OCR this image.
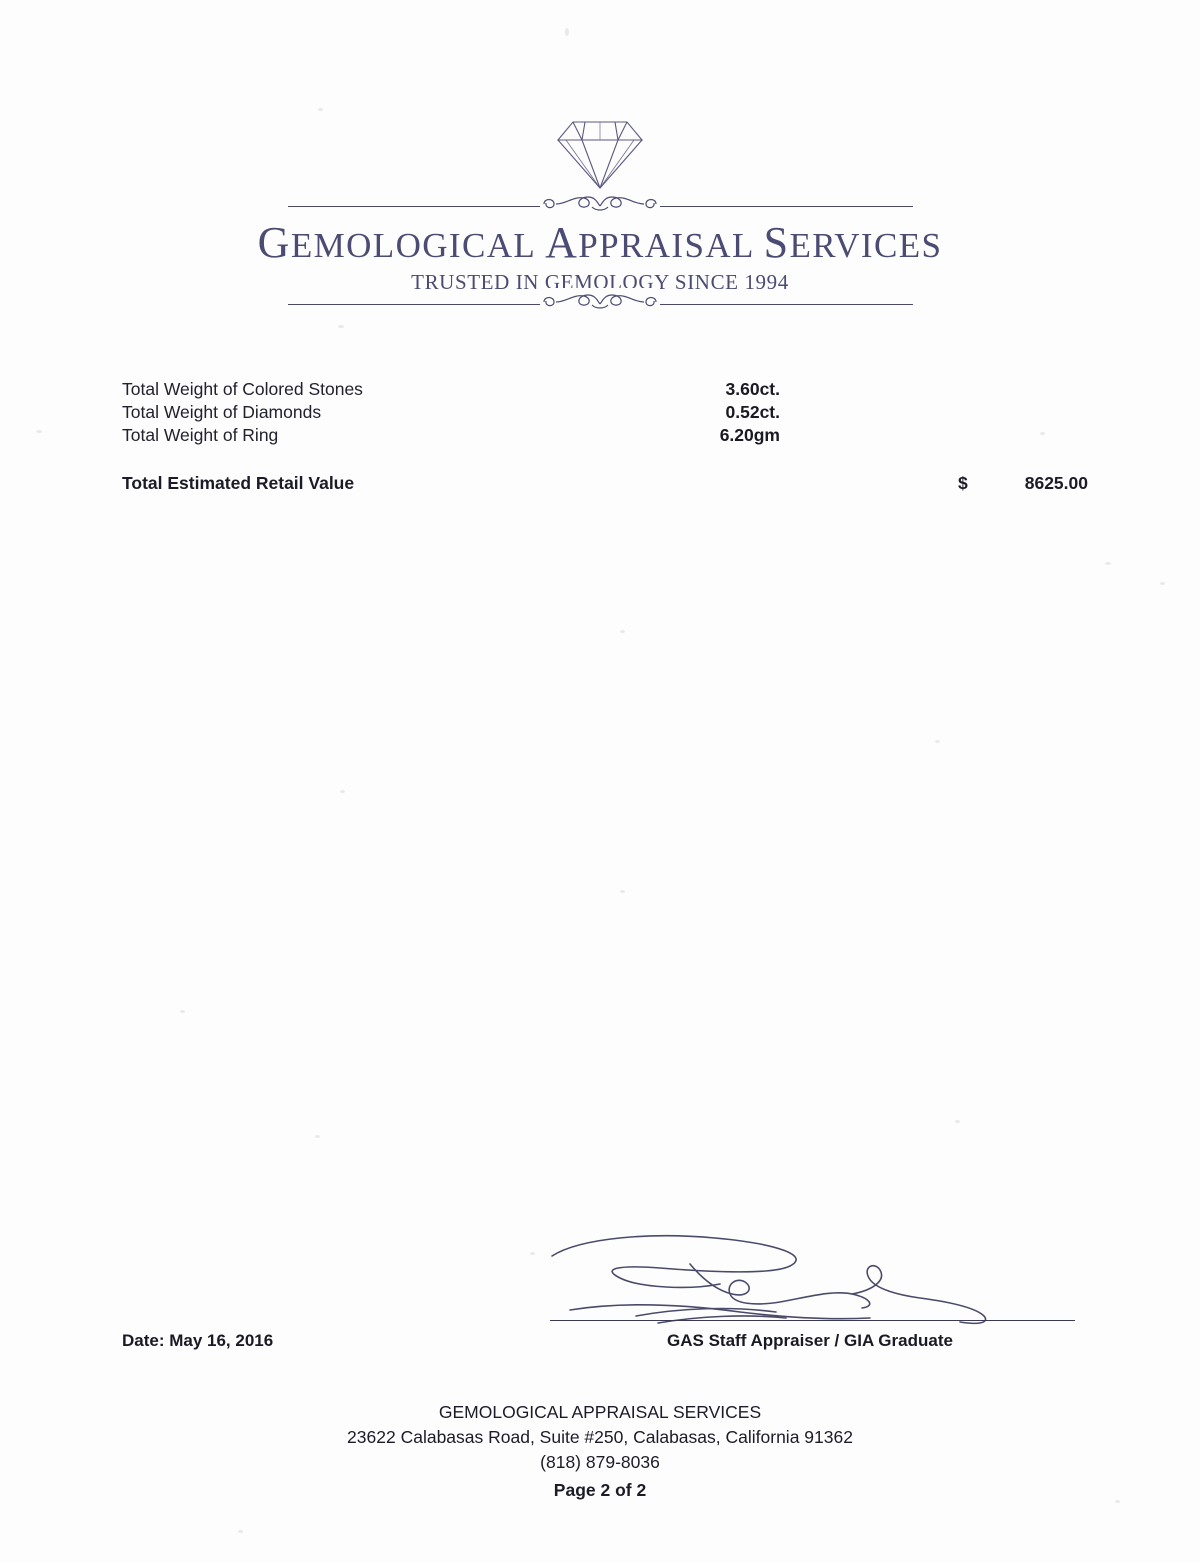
GEMOLOGICAL APPRAISAL SERVICES
TRUSTED IN GEMOLOGY SINCE 1994
Total Weight of Colored Stones	3.60ct.
Total Weight of Diamonds	0.52ct.
Total Weight of Ring	6.20gm
Total Estimated Retail Value	$	8625.00
Date: May 16, 2016	GAS Staff Appraiser / GIA Graduate
GEMOLOGICAL APPRAISAL SERVICES
23622 Calabasas Road, Suite #250, Calabasas, California 91362
(818) 879-8036
Page 2 of 2
